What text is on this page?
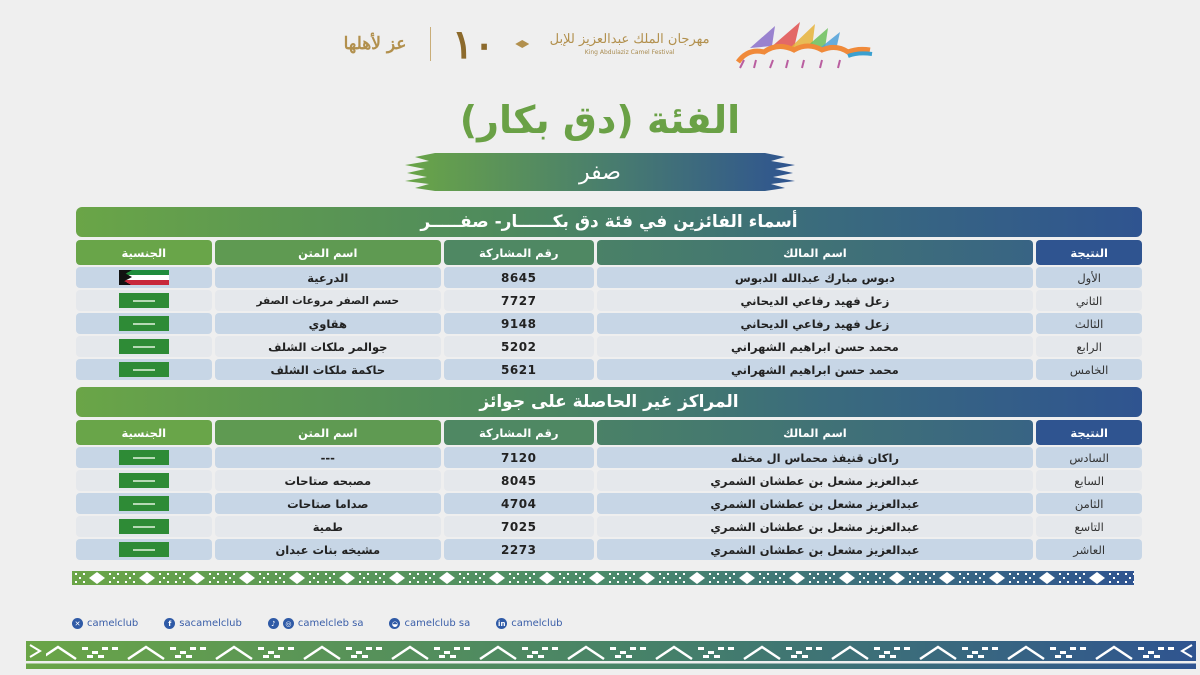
عز لأهلها ١٠	مهرجان الملك عبدالعزيز للإبل
King Abdulaziz Camel Festival
الفئة (دق بكار)
صفر
أسماء الفائزين في فئة دق بكــــــار- صفـــــر
الجنسية	اسم المتن	رقم المشاركة	اسم المالك	النتيجة
الدرعية	8645	دبوس مبارك عبدالله الدبوس	الأول
حسم الصفر مروعات الصفر	7727	زعل فهيد رفاعي الديحاني	الثاني
هقاوي	9148	زعل فهيد رفاعي الديحاني	الثالث
جوالمر ملكات الشلف	5202	محمد حسن ابراهيم الشهراني	الرابع
حاكمة ملكات الشلف	5621	محمد حسن ابراهيم الشهراني	الخامس
المراكز غير الحاصلة على جوائز
الجنسية	اسم المتن	رقم المشاركة	اسم المالك	النتيجة
---	7120	راكان قنيفذ محماس ال مخنله	السادس
مصبحه صتاحات	8045	عبدالعزيز مشعل بن عطشان الشمري	السابع
صداما صتاحات	4704	عبدالعزيز مشعل بن عطشان الشمري	الثامن
طمية	7025	عبدالعزيز مشعل بن عطشان الشمري	التاسع
مشيخه بنات عبدان	2273	عبدالعزيز مشعل بن عطشان الشمري	العاشر
✕ camelclub	f sacamelclub	♪	◎ camelcleb sa	◒ camelclub sa	in camelclub
